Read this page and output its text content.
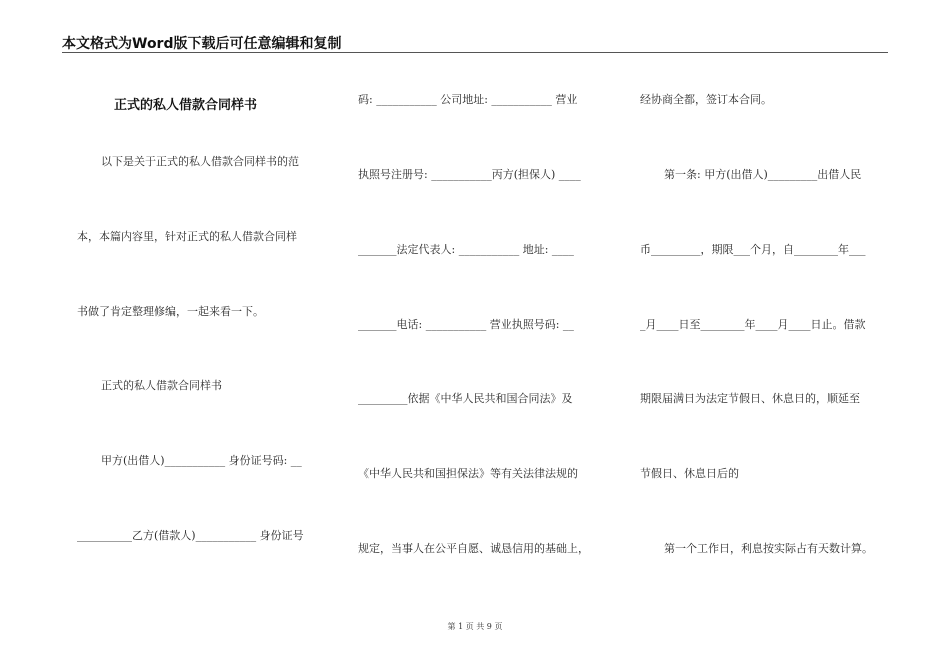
本文格式为Word版下载后可任意编辑和复制
正式的私人借款合同样书
以下是关于正式的私人借款合同样书的范
本，本篇内容里，针对正式的私人借款合同样
书做了肯定整理修编，一起来看一下。
正式的私人借款合同样书
甲方(出借人)___________ 身份证号码: __
__________乙方(借款人)___________ 身份证号
码: ___________ 公司地址: ___________ 营业
执照号注册号: ___________丙方(担保人) ____
_______法定代表人: ___________ 地址: ____
_______电话: ___________ 营业执照号码: __
_________依据《中华人民共和国合同法》及
《中华人民共和国担保法》等有关法律法规的
规定，当事人在公平自愿、诚恳信用的基础上，
经协商全都，签订本合同。
第一条: 甲方(出借人)_________出借人民
币_________，期限___个月，自________年___
_月____日至________年____月____日止。借款
期限届满日为法定节假日、休息日的，顺延至
节假日、休息日后的
第一个工作日，利息按实际占有天数计算。
第 1 页 共 9 页
